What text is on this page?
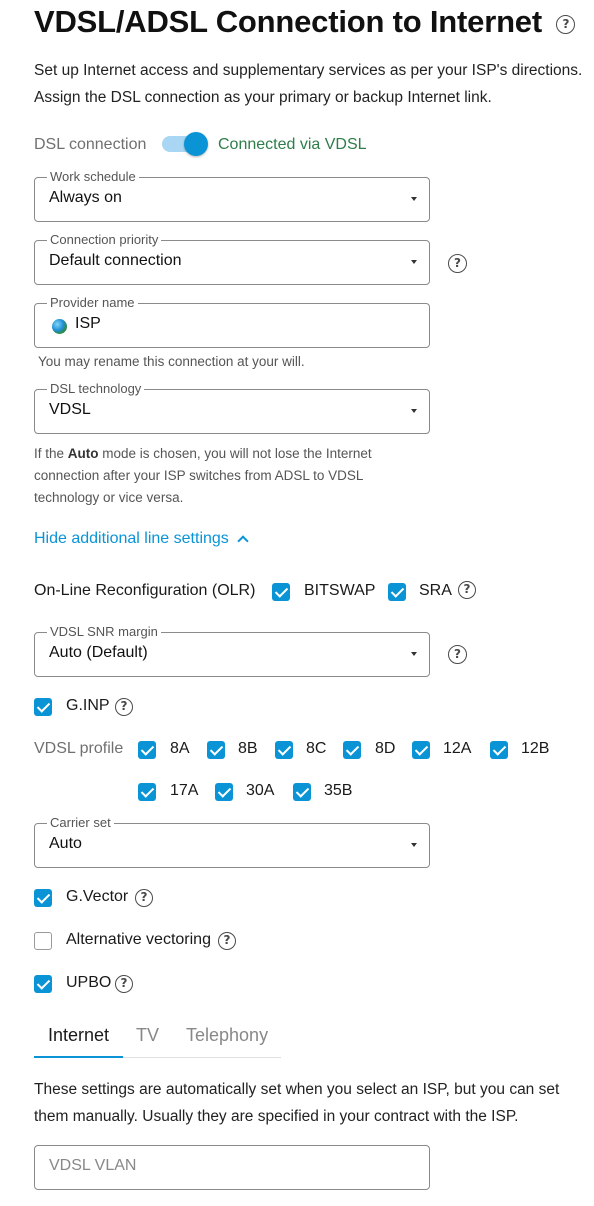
VDSL/ADSL Connection to Internet ?

Set up Internet access and supplementary services as per your ISP's directions. Assign the DSL connection as your primary or backup Internet link.

DSL connection	Connected via VDSL
Work schedule
Always on
Connection priority
Default connection	?
Provider name
ISP
You may rename this connection at your will.
DSL technology
VDSL

If the Auto mode is chosen, you will not lose the Internet connection after your ISP switches from ADSL to VDSL technology or vice versa.

Hide additional line settings
On-Line Reconfiguration (OLR)	BITSWAP	SRA ?
VDSL SNR margin
Auto (Default)	?
G.INP ?
VDSL profile	8A	8B	8C	8D	12A	12B
17A	30A	35B
Carrier set
Auto
G.Vector	?
Alternative vectoring	?
UPBO ?
Internet TV Telephony

These settings are automatically set when you select an ISP, but you can set them manually. Usually they are specified in your contract with the ISP.

VDSL VLAN
